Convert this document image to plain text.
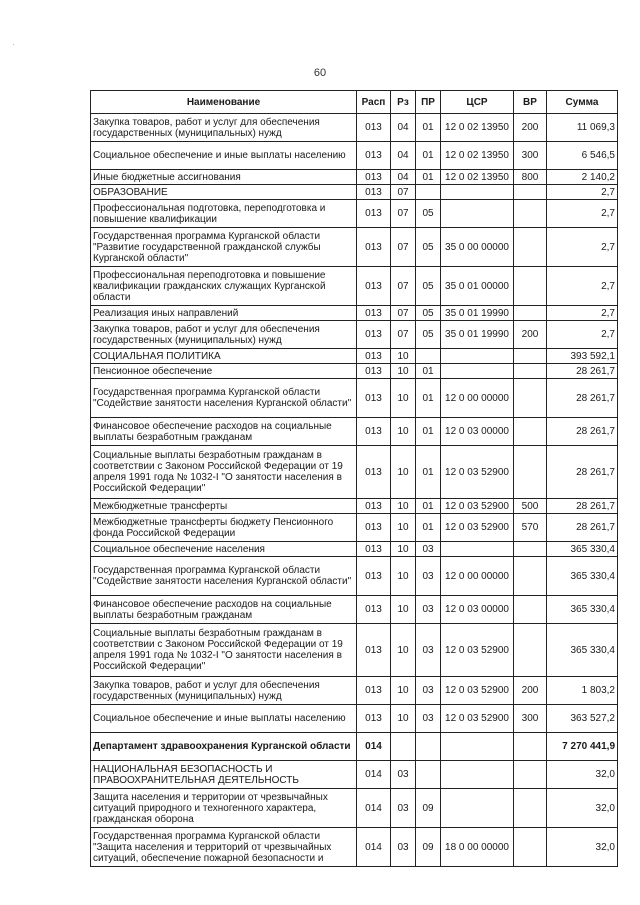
·
60
Наименование	Расп	Рз	ПР	ЦСР	ВР	Сумма
Закупка товаров, работ и услуг для обеспечения государственных (муниципальных) нужд	013	04	01	12 0 02 13950	200	11 069,3
Социальное обеспечение и иные выплаты населению	013	04	01	12 0 02 13950	300	6 546,5
Иные бюджетные ассигнования	013	04	01	12 0 02 13950	800	2 140,2
ОБРАЗОВАНИЕ	013	07				2,7
Профессиональная подготовка, переподготовка и повышение квалификации	013	07	05			2,7
Государственная программа Курганской области "Развитие государственной гражданской службы Курганской области"	013	07	05	35 0 00 00000		2,7
Профессиональная переподготовка и повышение квалификации гражданских служащих Курганской области	013	07	05	35 0 01 00000		2,7
Реализация иных направлений	013	07	05	35 0 01 19990		2,7
Закупка товаров, работ и услуг для обеспечения государственных (муниципальных) нужд	013	07	05	35 0 01 19990	200	2,7
СОЦИАЛЬНАЯ ПОЛИТИКА	013	10				393 592,1
Пенсионное обеспечение	013	10	01			28 261,7
Государственная программа Курганской области "Содействие занятости населения Курганской области"	013	10	01	12 0 00 00000		28 261,7
Финансовое обеспечение расходов на социальные выплаты безработным гражданам	013	10	01	12 0 03 00000		28 261,7
Социальные выплаты безработным гражданам в соответствии с Законом Российской Федерации от 19 апреля 1991 года № 1032-I "О занятости населения в Российской Федерации"	013	10	01	12 0 03 52900		28 261,7
Межбюджетные трансферты	013	10	01	12 0 03 52900	500	28 261,7
Межбюджетные трансферты бюджету Пенсионного фонда Российской Федерации	013	10	01	12 0 03 52900	570	28 261,7
Социальное обеспечение населения	013	10	03			365 330,4
Государственная программа Курганской области "Содействие занятости населения Курганской области"	013	10	03	12 0 00 00000		365 330,4
Финансовое обеспечение расходов на социальные выплаты безработным гражданам	013	10	03	12 0 03 00000		365 330,4
Социальные выплаты безработным гражданам в соответствии с Законом Российской Федерации от 19 апреля 1991 года № 1032-I "О занятости населения в Российской Федерации"	013	10	03	12 0 03 52900		365 330,4
Закупка товаров, работ и услуг для обеспечения государственных (муниципальных) нужд	013	10	03	12 0 03 52900	200	1 803,2
Социальное обеспечение и иные выплаты населению	013	10	03	12 0 03 52900	300	363 527,2
Департамент здравоохранения Курганской области	014					7 270 441,9
НАЦИОНАЛЬНАЯ БЕЗОПАСНОСТЬ И ПРАВООХРАНИТЕЛЬНАЯ ДЕЯТЕЛЬНОСТЬ	014	03				32,0
Защита населения и территории от чрезвычайных ситуаций природного и техногенного характера, гражданская оборона	014	03	09			32,0
Государственная программа Курганской области "Защита населения и территорий от чрезвычайных ситуаций, обеспечение пожарной безопасности и	014	03	09	18 0 00 00000		32,0
